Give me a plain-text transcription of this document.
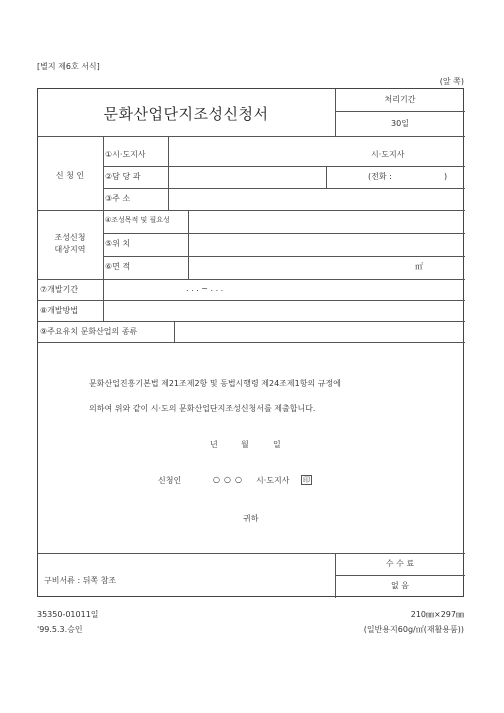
[별지 제6호 서식]
(앞 쪽)
문화산업단지조성신청서
처리기간
30일
신 청 인
①시·도지사	시·도지사
②담 당 과	(전화 :	)
③주 소
조성신청
대상지역
④조성목적 및 필요성
⑤위 치
⑥면 적	㎡
⑦개발기간	. . . ~ . . .
⑧개발방법
⑨주요유치 문화산업의 종류
문화산업진흥기본법 제21조제2항 및 동법시행령 제24조제1항의 규정에
의하여 위와 같이 시·도의 문화산업단지조성신청서를 제출합니다.
년	월	일
신청인	○○○ 시·도지사 印
귀하
구비서류 : 뒤쪽 참조
수 수 료
없 음
35350-01011일
'99.5.3.승인
210㎜×297㎜
(일반용지60g/㎡(재활용품))
